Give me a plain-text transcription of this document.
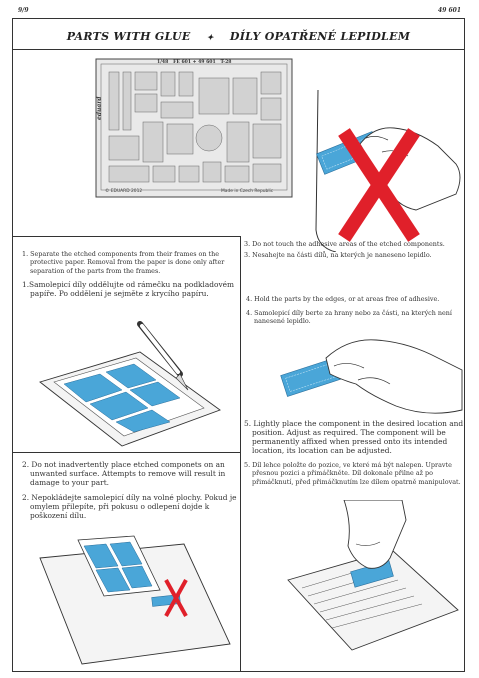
9/9	49 601
PARTS WITH GLUE ✦ DÍLY OPATŘENÉ LEPIDLEM
1/48 FE 601 + 49 601 T-28
eduard
© EDUARD 2012	Made in Czech Republic
1. Separate the etched components from their frames on the protective paper. Removal from the paper is done only after separation of the parts from the frames.
1.Samolepicí díly oddělujte od rámečku na podkladovém papíře. Po oddělení je sejměte z krycího papíru.
3. Do not touch the adhesive areas of the etched components.
3. Nesahejte na části dílů, na kterých je naneseno lepidlo.
4. Hold the parts by the edges, or at areas free of adhesive.
4. Samolepicí díly berte za hrany nebo za části, na kterých není nanesené lepidlo.
5. Lightly place the component in the desired location and position. Adjust as required. The component will be permanently affixed when pressed onto its intended location, its location can be adjusted.
5. Díl lehce položte do pozice, ve které má být nalepen. Upravte přesnou pozici a přimáčkněte. Díl dokonale přilne až po přimáčknutí, před přimáčknutím lze dílem opatrně manipulovat.
2. Do not inadvertently place etched componets on an unwanted surface. Attempts to remove will result in damage to your part.
2. Nepokládejte samolepicí díly na volné plochy. Pokud je omylem přilepíte, při pokusu o odlepení dojde k poškození dílu.
